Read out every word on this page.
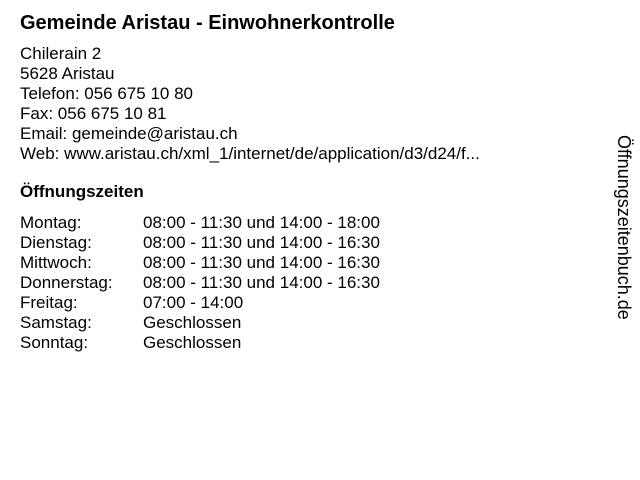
Gemeinde Aristau - Einwohnerkontrolle
Chilerain 2
5628 Aristau
Telefon: 056 675 10 80
Fax: 056 675 10 81
Email: gemeinde@aristau.ch
Web: www.aristau.ch/xml_1/internet/de/application/d3/d24/f...
Öffnungszeiten
Montag:	08:00 - 11:30 und 14:00 - 18:00
Dienstag:	08:00 - 11:30 und 14:00 - 16:30
Mittwoch:	08:00 - 11:30 und 14:00 - 16:30
Donnerstag:	08:00 - 11:30 und 14:00 - 16:30
Freitag:	07:00 - 14:00
Samstag:	Geschlossen
Sonntag:	Geschlossen
Öffnungszeitenbuch.de
